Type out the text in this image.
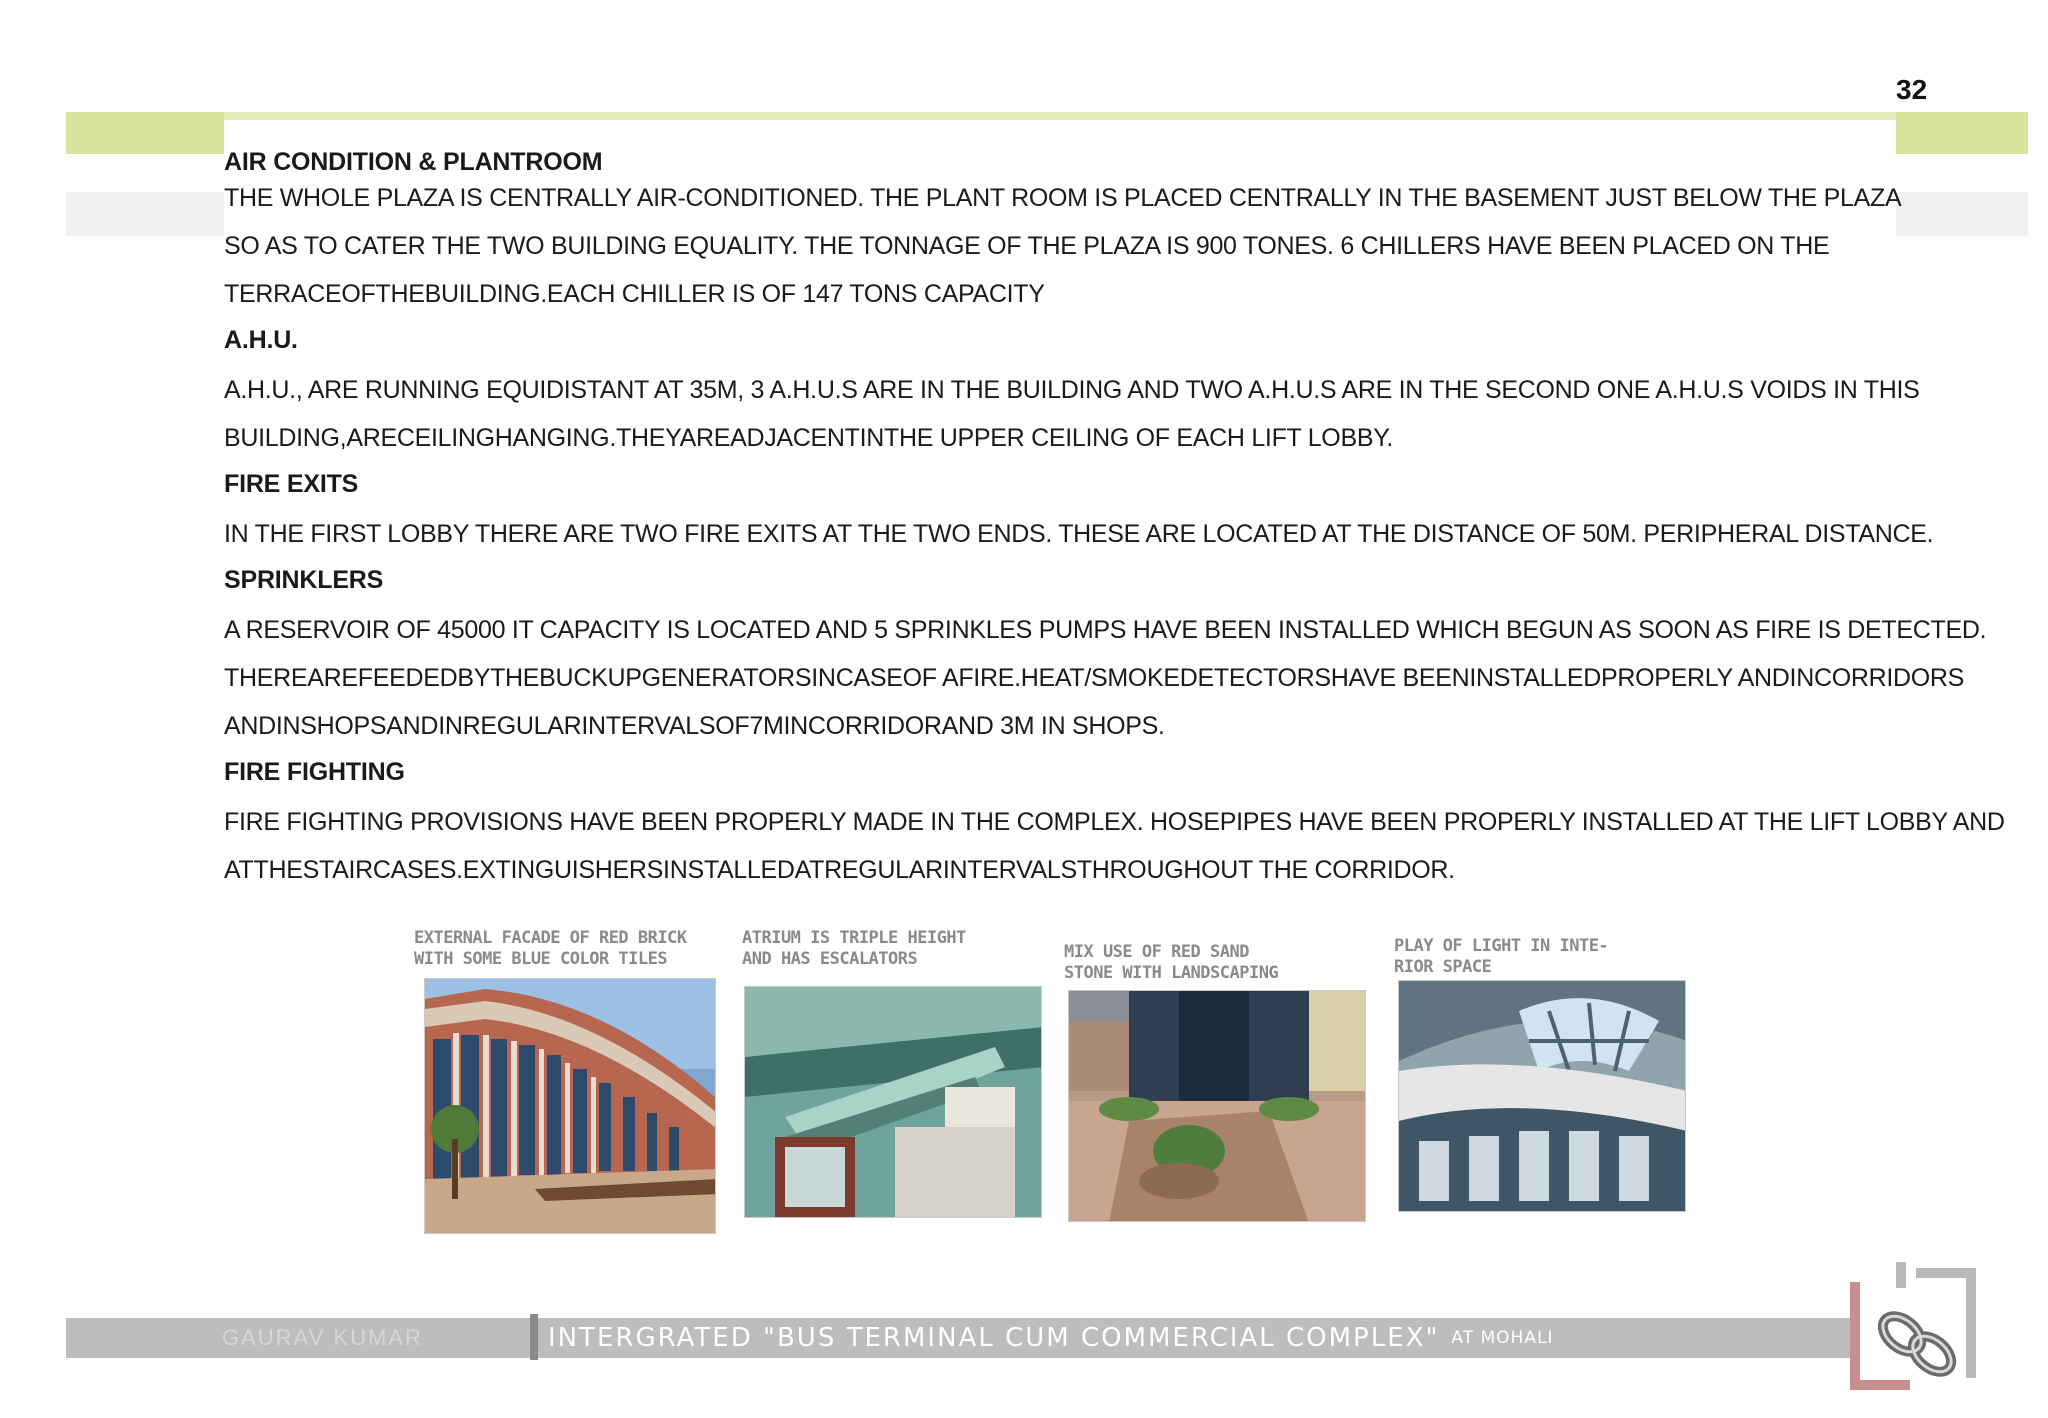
32
AIR CONDITION & PLANTROOM
THE WHOLE PLAZA IS CENTRALLY AIR-CONDITIONED. THE PLANT ROOM IS PLACED CENTRALLY IN THE BASEMENT JUST BELOW THE PLAZA
SO AS TO CATER THE TWO BUILDING EQUALITY. THE TONNAGE OF THE PLAZA IS 900 TONES. 6 CHILLERS HAVE BEEN PLACED ON THE
TERRACEOFTHEBUILDING.EACH CHILLER IS OF 147 TONS CAPACITY
A.H.U.
A.H.U., ARE RUNNING EQUIDISTANT AT 35M, 3 A.H.U.S ARE IN THE BUILDING AND TWO A.H.U.S ARE IN THE SECOND ONE A.H.U.S VOIDS IN THIS
BUILDING,ARECEILINGHANGING.THEYAREADJACENTINTHE UPPER CEILING OF EACH LIFT LOBBY.
FIRE EXITS
IN THE FIRST LOBBY THERE ARE TWO FIRE EXITS AT THE TWO ENDS. THESE ARE LOCATED AT THE DISTANCE OF 50M. PERIPHERAL DISTANCE.
SPRINKLERS
A RESERVOIR OF 45000 IT CAPACITY IS LOCATED AND 5 SPRINKLES PUMPS HAVE BEEN INSTALLED WHICH BEGUN AS SOON AS FIRE IS DETECTED.
THEREAREFEEDEDBYTHEBUCKUPGENERATORSINCASEOF AFIRE.HEAT/SMOKEDETECTORSHAVE BEENINSTALLEDPROPERLY ANDINCORRIDORS
ANDINSHOPSANDINREGULARINTERVALSOF7MINCORRIDORAND 3M IN SHOPS.
FIRE FIGHTING
FIRE FIGHTING PROVISIONS HAVE BEEN PROPERLY MADE IN THE COMPLEX. HOSEPIPES HAVE BEEN PROPERLY INSTALLED AT THE LIFT LOBBY AND
ATTHESTAIRCASES.EXTINGUISHERSINSTALLEDATREGULARINTERVALSTHROUGHOUT THE CORRIDOR.
EXTERNAL FACADE OF RED BRICK
WITH SOME BLUE COLOR TILES
ATRIUM IS TRIPLE HEIGHT
AND HAS ESCALATORS	MIX USE OF RED SAND
STONE WITH LANDSCAPING
PLAY OF LIGHT IN INTE-
RIOR SPACE
GAURAV KUMAR	INTERGRATED "BUS TERMINAL CUM COMMERCIAL COMPLEX" AT MOHALI
